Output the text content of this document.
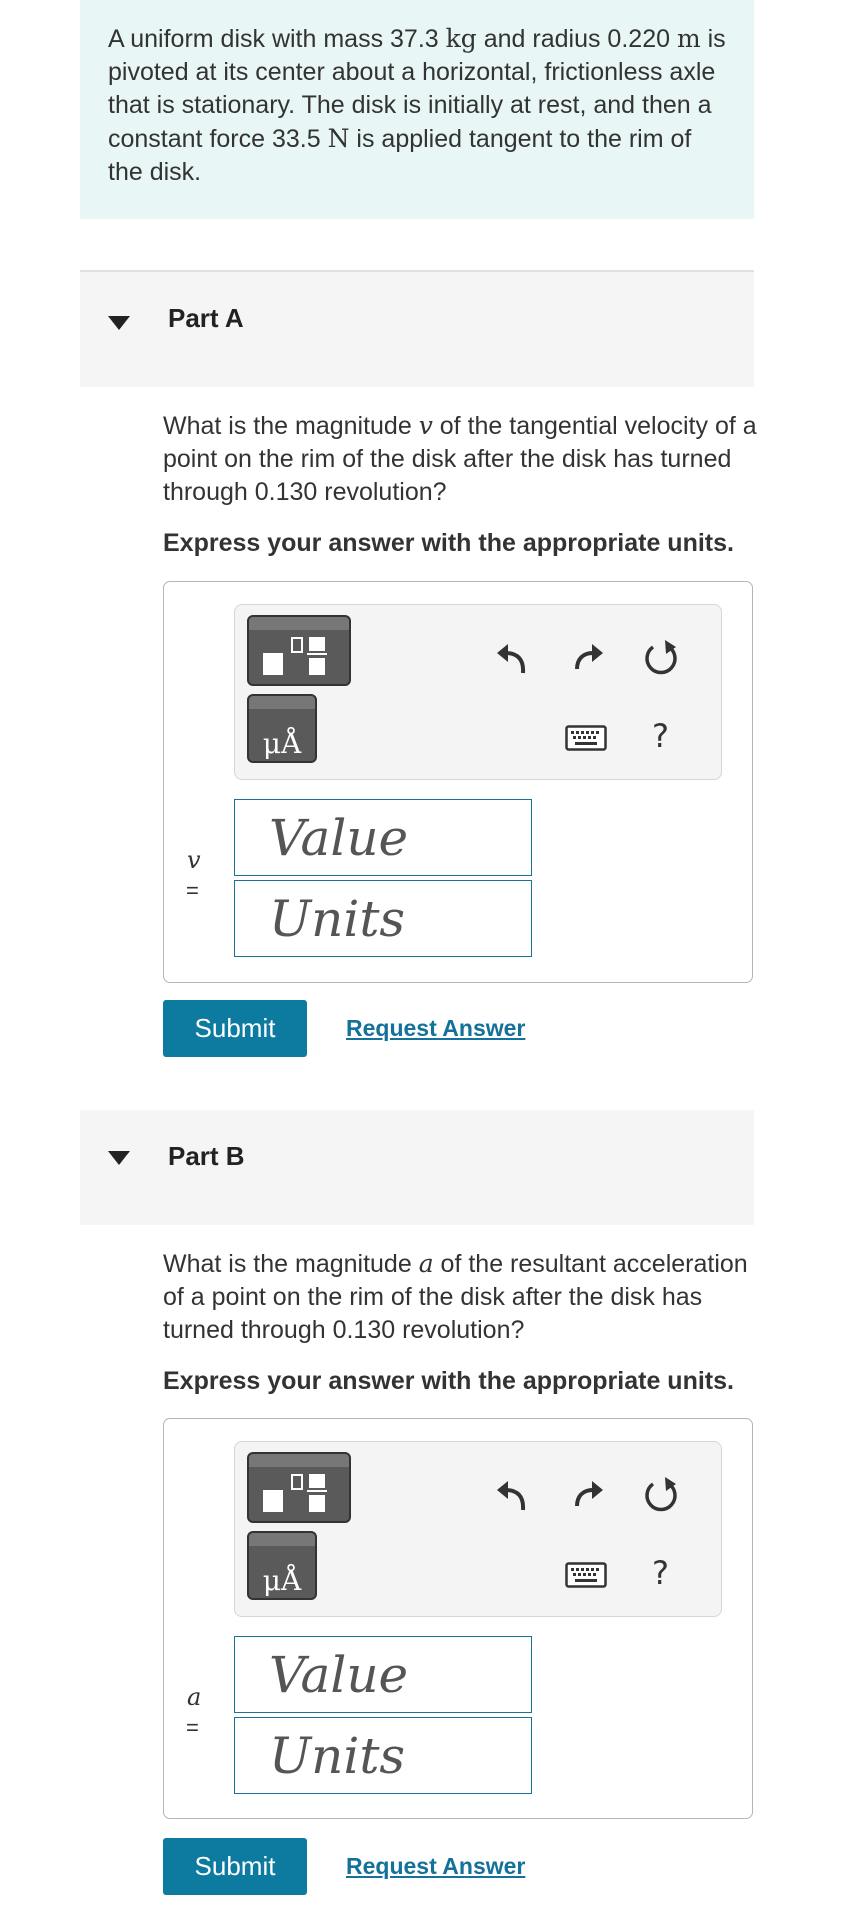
A uniform disk with mass 37.3 kg and radius 0.220 m is pivoted at its center about a horizontal, frictionless axle that is stationary. The disk is initially at rest, and then a constant force 33.5 N is applied tangent to the rim of the disk.
Part A
What is the magnitude v of the tangential velocity of a point on the rim of the disk after the disk has turned through 0.130 revolution?
Express your answer with the appropriate units.
μÅ	?
v
=
Value
Units
Submit	Request Answer
Part B
What is the magnitude a of the resultant acceleration of a point on the rim of the disk after the disk has turned through 0.130 revolution?
Express your answer with the appropriate units.
μÅ	?
a
=
Value
Units
Submit	Request Answer
